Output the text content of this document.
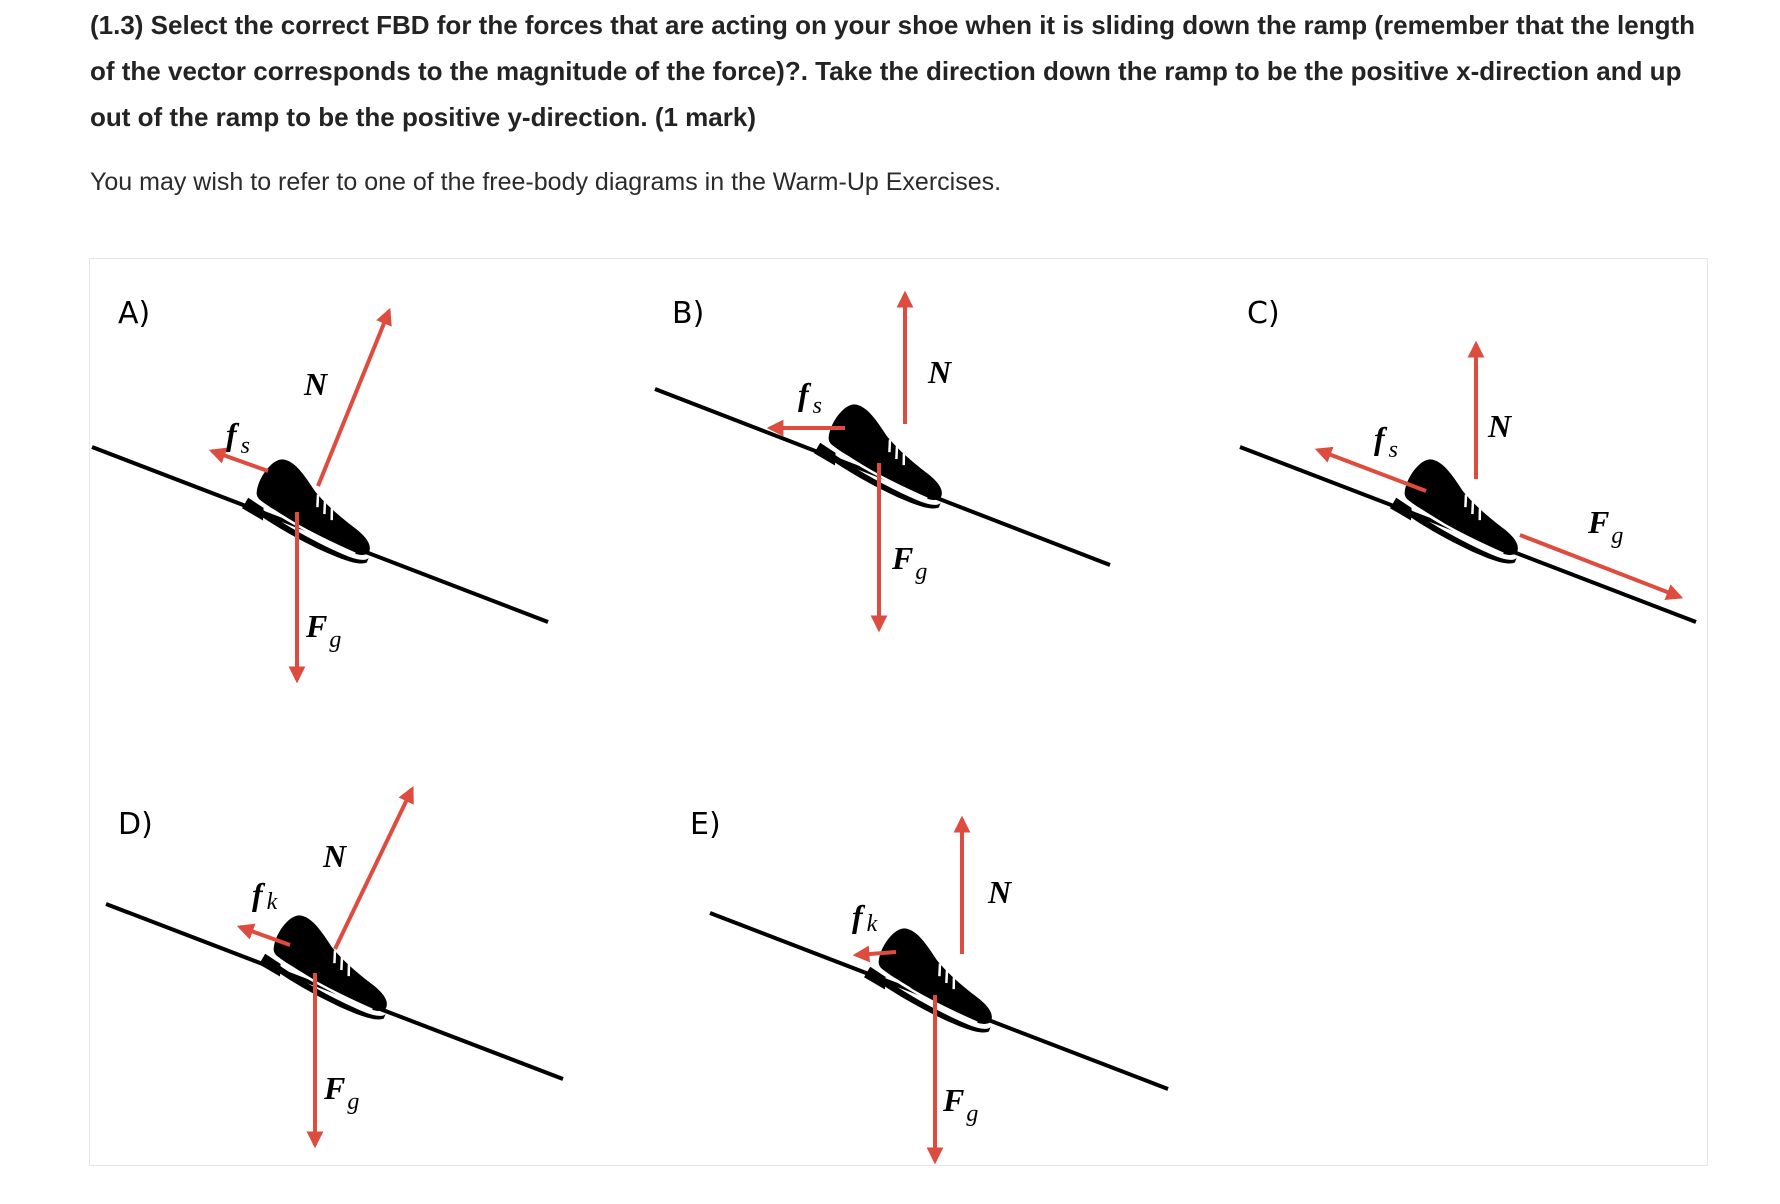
(1.3) Select the correct FBD for the forces that are acting on your shoe when it is sliding down the ramp (remember that the length of the vector corresponds to the magnitude of the force)?. Take the direction down the ramp to be the positive x-direction and up out of the ramp to be the positive y-direction. (1 mark)

You may wish to refer to one of the free-body diagrams in the Warm-Up Exercises.

A)
N
f s
Fg
B)
N
f s
Fg
C)
N
f s
Fg
D)
N
f k
Fg
E)
N
f k
Fg
